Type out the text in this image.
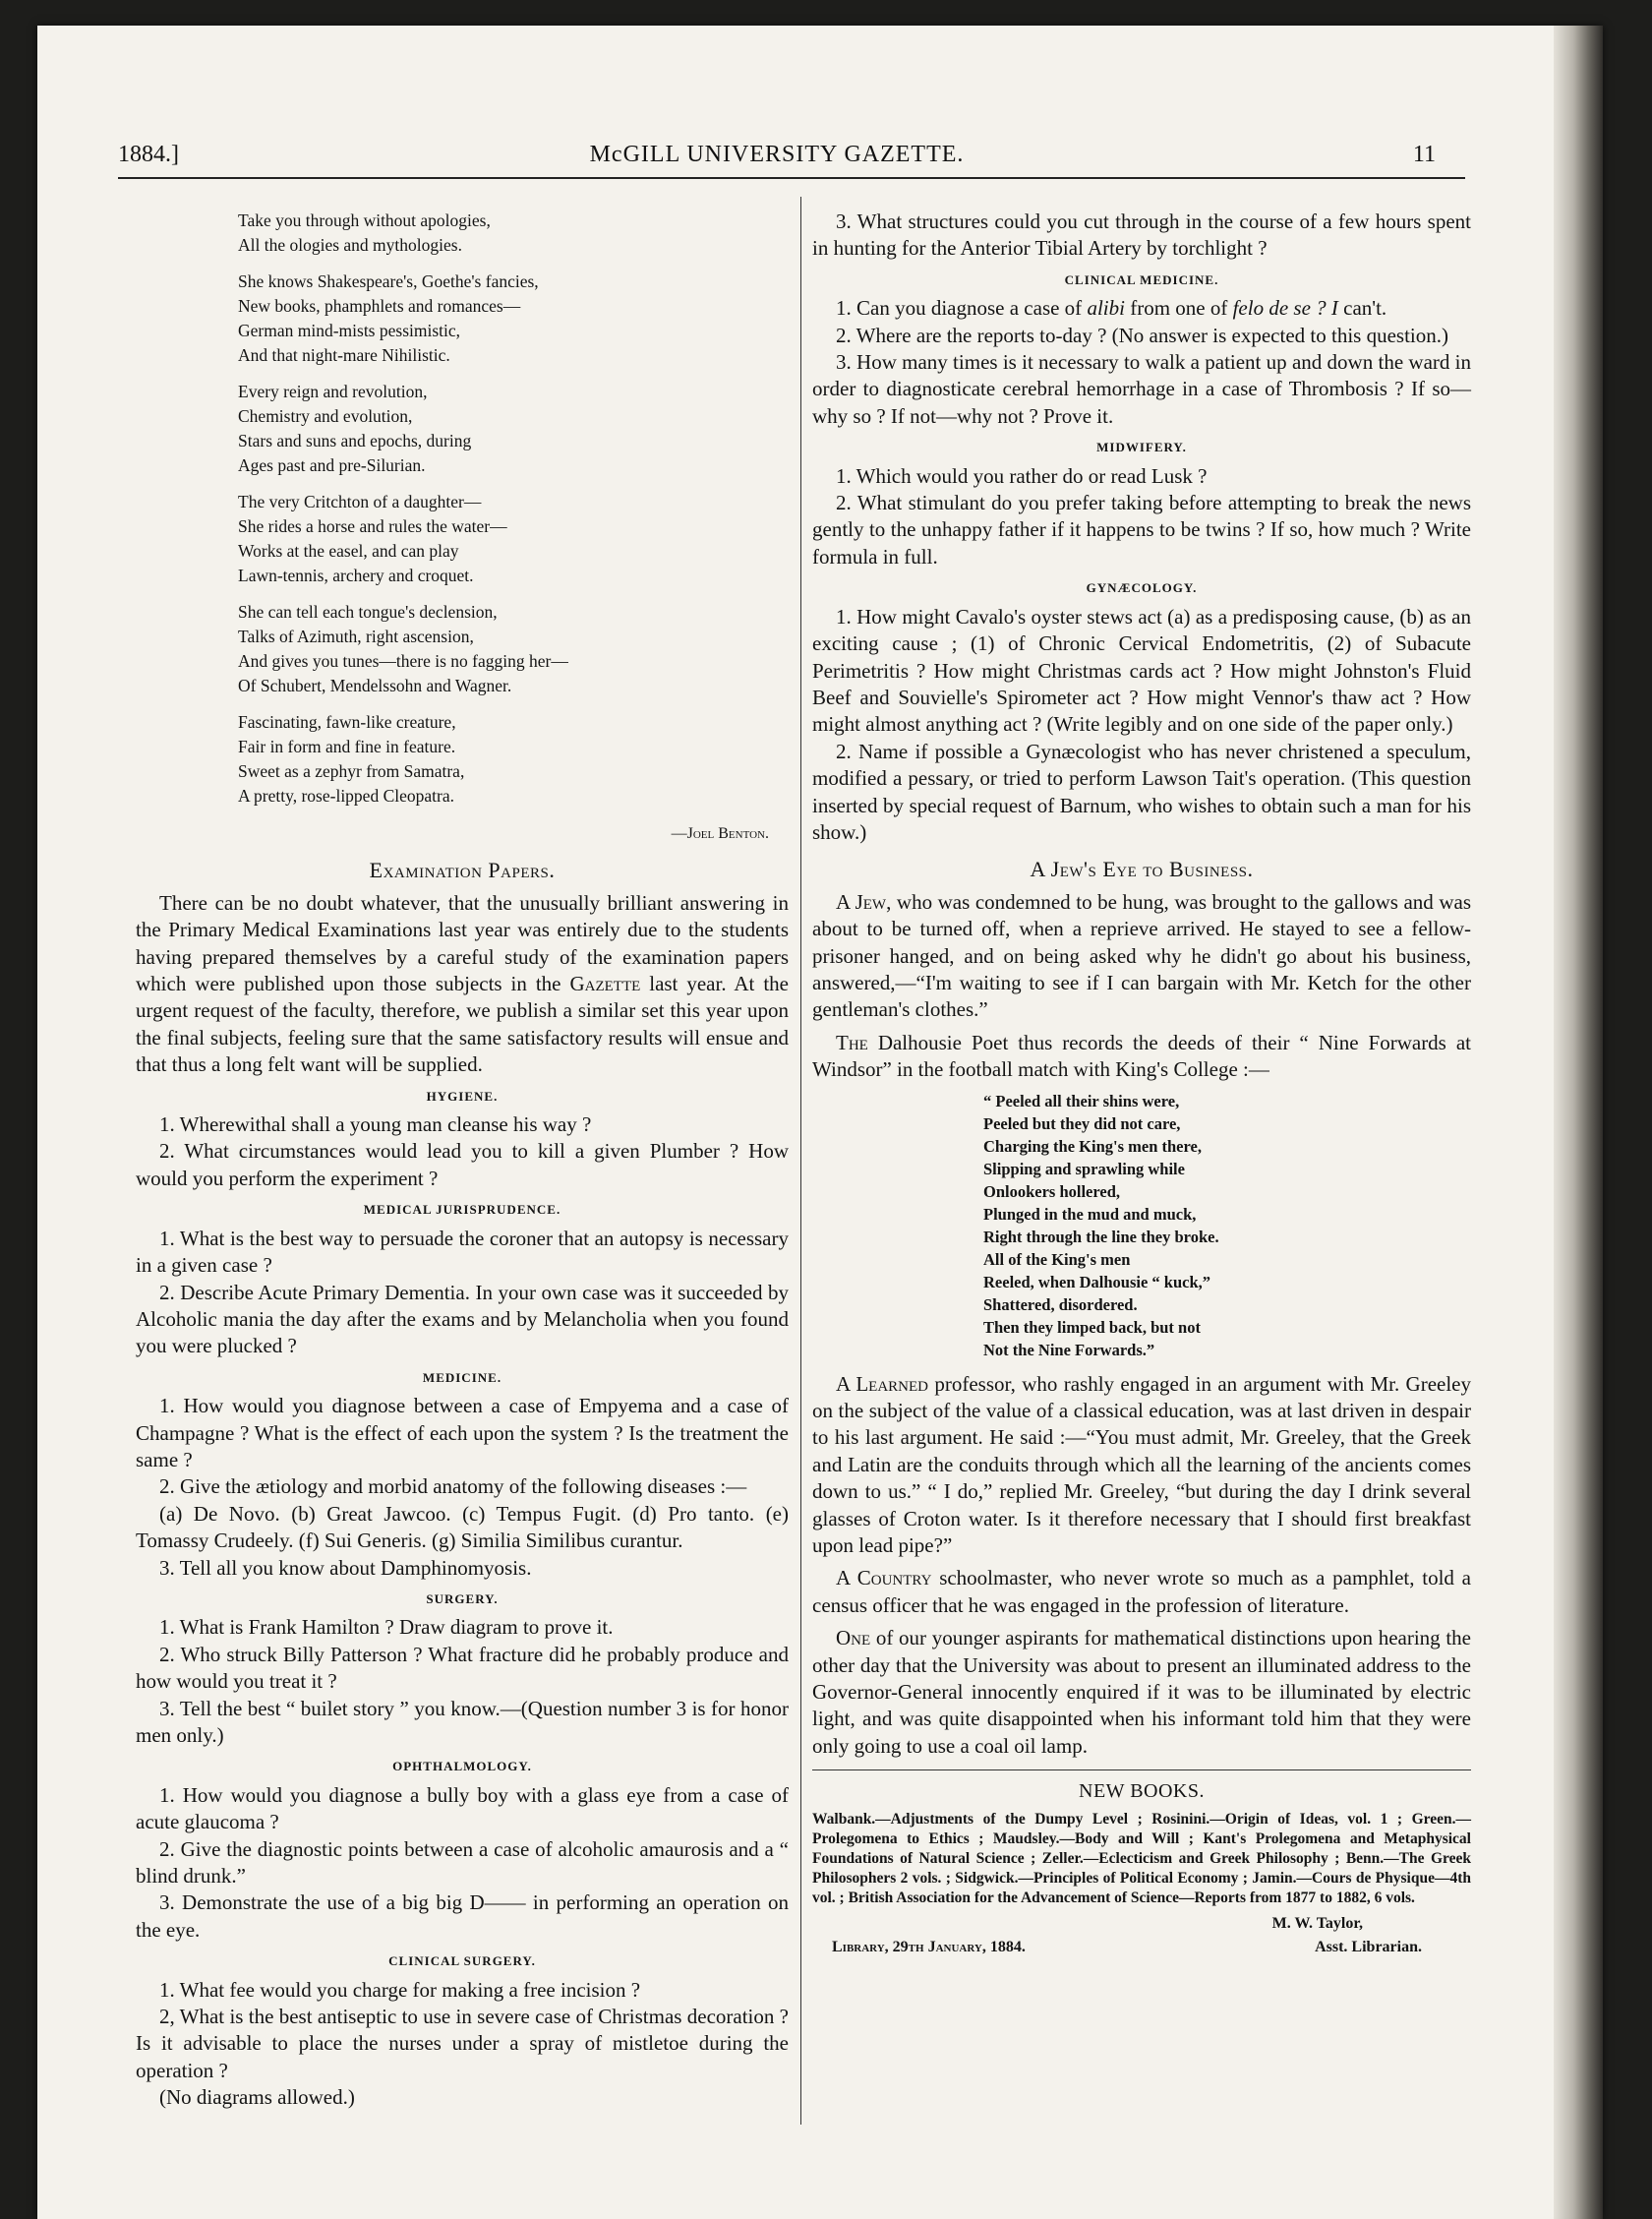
1884.]	McGILL UNIVERSITY GAZETTE.	11
Take you through without apologies,
All the ologies and mythologies.
She knows Shakespeare's, Goethe's fancies,
New books, phamphlets and romances—
German mind-mists pessimistic,
And that night-mare Nihilistic.
Every reign and revolution,
Chemistry and evolution,
Stars and suns and epochs, during
Ages past and pre-Silurian.
The very Critchton of a daughter—
She rides a horse and rules the water—
Works at the easel, and can play
Lawn-tennis, archery and croquet.
She can tell each tongue's declension,
Talks of Azimuth, right ascension,
And gives you tunes—there is no fagging her—
Of Schubert, Mendelssohn and Wagner.
Fascinating, fawn-like creature,
Fair in form and fine in feature.
Sweet as a zephyr from Samatra,
A pretty, rose-lipped Cleopatra.
—Joel Benton.
Examination Papers.

There can be no doubt whatever, that the unusually brilliant answering in the Primary Medical Examinations last year was entirely due to the students having prepared themselves by a careful study of the examination papers which were published upon those subjects in the Gazette last year. At the urgent request of the faculty, therefore, we publish a similar set this year upon the final subjects, feeling sure that the same satisfactory results will ensue and that thus a long felt want will be supplied.

HYGIENE.

1. Wherewithal shall a young man cleanse his way ?

2. What circumstances would lead you to kill a given Plumber ? How would you perform the experiment ?

MEDICAL JURISPRUDENCE.

1. What is the best way to persuade the coroner that an autopsy is necessary in a given case ?

2. Describe Acute Primary Dementia. In your own case was it succeeded by Alcoholic mania the day after the exams and by Melancholia when you found you were plucked ?

MEDICINE.

1. How would you diagnose between a case of Empyema and a case of Champagne ? What is the effect of each upon the system ? Is the treatment the same ?

2. Give the ætiology and morbid anatomy of the following diseases :—

(a) De Novo. (b) Great Jawcoo. (c) Tempus Fugit. (d) Pro tanto. (e) Tomassy Crudeely. (f) Sui Generis. (g) Similia Similibus curantur.

3. Tell all you know about Damphinomyosis.

SURGERY.

1. What is Frank Hamilton ? Draw diagram to prove it.

2. Who struck Billy Patterson ? What fracture did he probably produce and how would you treat it ?

3. Tell the best “ builet story ” you know.—(Question number 3 is for honor men only.)

OPHTHALMOLOGY.

1. How would you diagnose a bully boy with a glass eye from a case of acute glaucoma ?

2. Give the diagnostic points between a case of alcoholic amaurosis and a “ blind drunk.”

3. Demonstrate the use of a big big D—— in performing an operation on the eye.

CLINICAL SURGERY.

1. What fee would you charge for making a free incision ?

2, What is the best antiseptic to use in severe case of Christmas decoration ? Is it advisable to place the nurses under a spray of mistletoe during the operation ?

(No diagrams allowed.)

3. What structures could you cut through in the course of a few hours spent in hunting for the Anterior Tibial Artery by torchlight ?

CLINICAL MEDICINE.

1. Can you diagnose a case of alibi from one of felo de se ? I can't.

2. Where are the reports to-day ? (No answer is expected to this question.)

3. How many times is it necessary to walk a patient up and down the ward in order to diagnosticate cerebral hemorrhage in a case of Thrombosis ? If so—why so ? If not—why not ? Prove it.

MIDWIFERY.

1. Which would you rather do or read Lusk ?

2. What stimulant do you prefer taking before attempting to break the news gently to the unhappy father if it happens to be twins ? If so, how much ? Write formula in full.

GYNÆCOLOGY.

1. How might Cavalo's oyster stews act (a) as a predisposing cause, (b) as an exciting cause ; (1) of Chronic Cervical Endometritis, (2) of Subacute Perimetritis ? How might Christmas cards act ? How might Johnston's Fluid Beef and Souvielle's Spirometer act ? How might Vennor's thaw act ? How might almost anything act ? (Write legibly and on one side of the paper only.)

2. Name if possible a Gynæcologist who has never christened a speculum, modified a pessary, or tried to perform Lawson Tait's operation. (This question inserted by special request of Barnum, who wishes to obtain such a man for his show.)

A Jew's Eye to Business.

A Jew, who was condemned to be hung, was brought to the gallows and was about to be turned off, when a reprieve arrived. He stayed to see a fellow-prisoner hanged, and on being asked why he didn't go about his business, answered,—“I'm waiting to see if I can bargain with Mr. Ketch for the other gentleman's clothes.”

The Dalhousie Poet thus records the deeds of their “ Nine Forwards at Windsor” in the football match with King's College :—

“ Peeled all their shins were,
Peeled but they did not care,
Charging the King's men there,
Slipping and sprawling while
Onlookers hollered,
Plunged in the mud and muck,
Right through the line they broke.
All of the King's men
Reeled, when Dalhousie “ kuck,”
Shattered, disordered.
Then they limped back, but not
Not the Nine Forwards.”

A Learned professor, who rashly engaged in an argument with Mr. Greeley on the subject of the value of a classical education, was at last driven in despair to his last argument. He said :—“You must admit, Mr. Greeley, that the Greek and Latin are the conduits through which all the learning of the ancients comes down to us.” “ I do,” replied Mr. Greeley, “but during the day I drink several glasses of Croton water. Is it therefore necessary that I should first breakfast upon lead pipe?”

A Country schoolmaster, who never wrote so much as a pamphlet, told a census officer that he was engaged in the profession of literature.

One of our younger aspirants for mathematical distinctions upon hearing the other day that the University was about to present an illuminated address to the Governor-General innocently enquired if it was to be illuminated by electric light, and was quite disappointed when his informant told him that they were only going to use a coal oil lamp.

NEW BOOKS.
Walbank.—Adjustments of the Dumpy Level ; Rosinini.—Origin of Ideas, vol. 1 ; Green.—Prolegomena to Ethics ; Maudsley.—Body and Will ; Kant's Prolegomena and Metaphysical Foundations of Natural Science ; Zeller.—Eclecticism and Greek Philosophy ; Benn.—The Greek Philosophers 2 vols. ; Sidgwick.—Principles of Political Economy ; Jamin.—Cours de Physique—4th vol. ; British Association for the Advancement of Science—Reports from 1877 to 1882, 6 vols.
M. W. Taylor,
Library, 29th January, 1884.	Asst. Librarian.
